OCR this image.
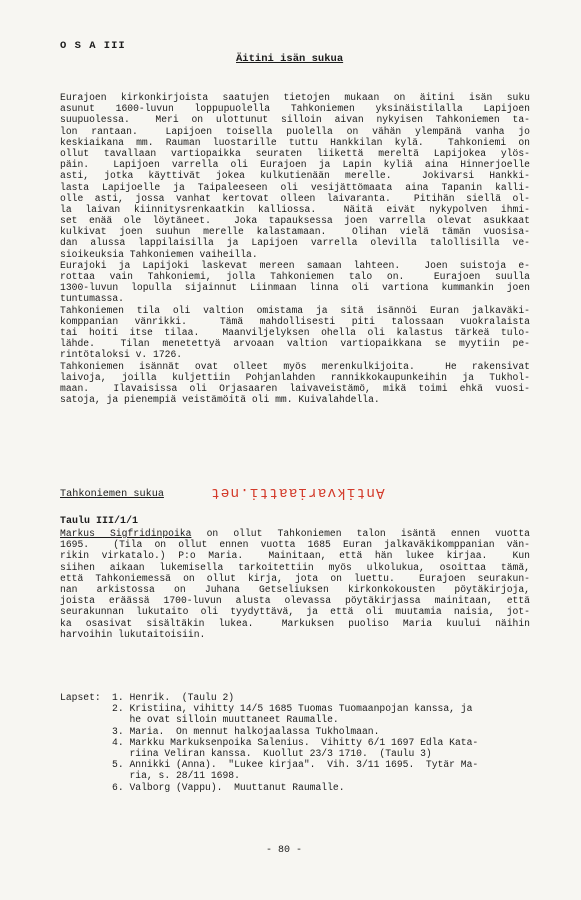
O S A III
Äitini isän sukua
Eurajoen kirkonkirjoista saatujen tietojen mukaan on äitini isän suku
asunut 1600-luvun loppupuolella Tahkoniemen yksinäistilalla Lapijoen
suupuolessa.  Meri on ulottunut silloin aivan nykyisen Tahkoniemen ta-
lon rantaan.  Lapijoen toisella puolella on vähän ylempänä vanha jo
keskiaikana mm. Rauman luostarille tuttu Hankkilan kylä.  Tahkoniemi on
ollut tavallaan vartiopaikka seuraten liikettä mereltä Lapijokea ylös-
päin.  Lapijoen varrella oli Eurajoen ja Lapin kyliä aina Hinnerjoelle
asti, jotka käyttivät jokea kulkutienään merelle.  Jokivarsi Hankki-
lasta Lapijoelle ja Taipaleeseen oli vesijättömaata aina Tapanin kalli-
olle asti, jossa vanhat kertovat olleen laivaranta.  Pitihän siellä ol-
la laivan kiinnitysrenkaatkin kalliossa.  Näitä eivät nykypolven ihmi-
set enää ole löytäneet.  Joka tapauksessa joen varrella olevat asukkaat
kulkivat joen suuhun merelle kalastamaan.  Olihan vielä tämän vuosisa-
dan alussa lappilaisilla ja Lapijoen varrella olevilla talollisilla ve-
sioikeuksia Tahkoniemen vaiheilla.
Eurajoki ja Lapijoki laskevat mereen samaan lahteen.  Joen suistoja e-
rottaa vain Tahkoniemi, jolla Tahkoniemen talo on.  Eurajoen suulla
1300-luvun lopulla sijainnut Liinmaan linna oli vartiona kummankin joen
tuntumassa.
Tahkoniemen tila oli valtion omistama ja sitä isännöi Euran jalkaväki-
komppanian vänrikki.  Tämä mahdollisesti piti talossaan vuokralaista
tai hoiti itse tilaa.  Maanviljelyksen ohella oli kalastus tärkeä tulo-
lähde.  Tilan menetettyä arvoaan valtion vartiopaikkana se myytiin pe-
rintötaloksi v. 1726.
Tahkoniemen isännät ovat olleet myös merenkulkijoita.  He rakensivat
laivoja, joilla kuljettiin Pohjanlahden rannikkokaupunkeihin ja Tukhol-
maan.  Ilavaisissa oli Orjasaaren laivaveistämö, mikä toimi ehkä vuosi-
satoja, ja pienempiä veistämöitä oli mm. Kuivalahdella.
Tahkoniemen sukua	Antikvariaatti.net
Taulu III/1/1
Markus Sigfridinpoika on ollut Tahkoniemen talon isäntä ennen vuotta
1695.  (Tila on ollut ennen vuotta 1685 Euran jalkaväkikomppanian vän-
rikin virkatalo.) P:o Maria.  Mainitaan, että hän lukee kirjaa.  Kun
siihen aikaan lukemisella tarkoitettiin myös ulkolukua, osoittaa tämä,
että Tahkoniemessä on ollut kirja, jota on luettu.  Eurajoen seurakun-
nan arkistossa on Juhana Getseliuksen kirkonkokousten pöytäkirjoja,
joista eräässä 1700-luvun alusta olevassa pöytäkirjassa mainitaan, että
seurakunnan lukutaito oli tyydyttävä, ja että oli muutamia naisia, jot-
ka osasivat sisältäkin lukea.  Markuksen puoliso Maria kuului näihin
harvoihin lukutaitoisiin.
Lapset:	1. Henrik.  (Taulu 2)
2. Kristiina, vihitty 14/5 1685 Tuomas Tuomaanpojan kanssa, ja
he ovat silloin muuttaneet Raumalle.
3. Maria.  On mennut halkojaalassa Tukholmaan.
4. Markku Markuksenpoika Salenius.  Vihitty 6/1 1697 Edla Kata-
riina Veliran kanssa.  Kuollut 23/3 1710.  (Taulu 3)
5. Annikki (Anna).  "Lukee kirjaa".  Vih. 3/11 1695.  Tytär Ma-
ria, s. 28/11 1698.
6. Valborg (Vappu).  Muuttanut Raumalle.
- 80 -
